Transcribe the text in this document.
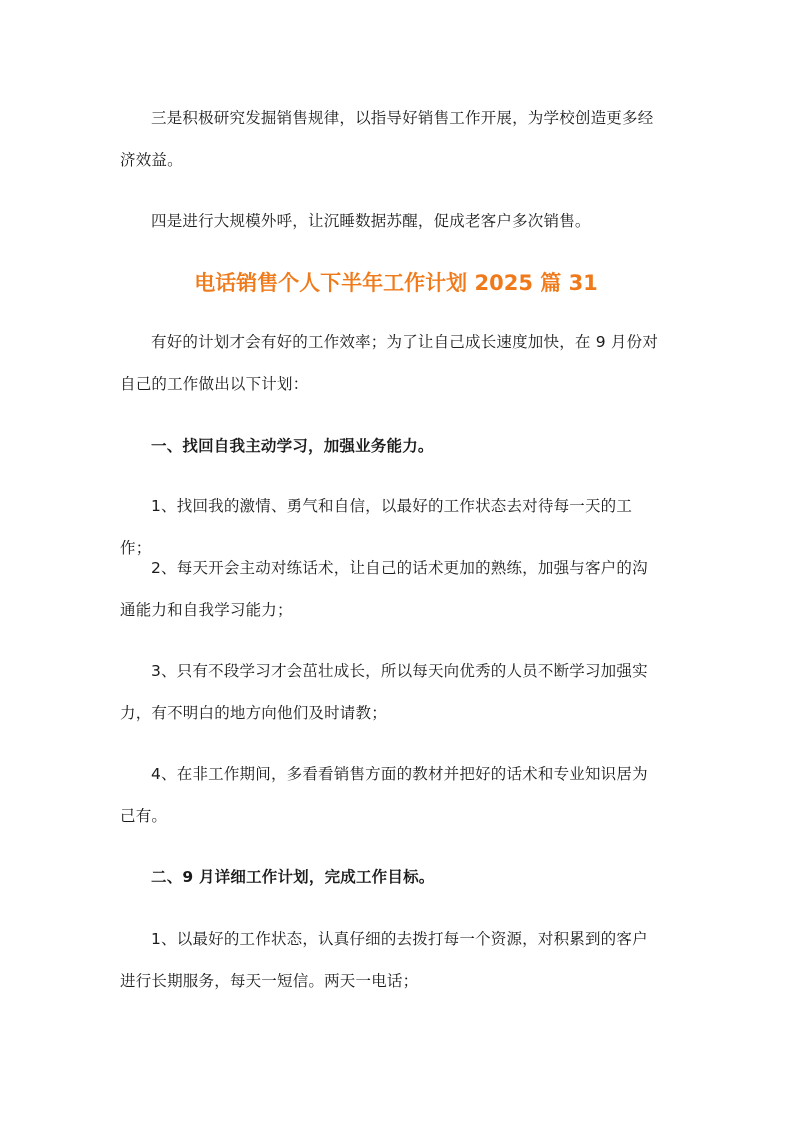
三是积极研究发掘销售规律，以指导好销售工作开展，为学校创造更多经济效益。

四是进行大规模外呼，让沉睡数据苏醒，促成老客户多次销售。

电话销售个人下半年工作计划 2025 篇 31

有好的计划才会有好的工作效率；为了让自己成长速度加快，在 9 月份对自己的工作做出以下计划：

一、找回自我主动学习，加强业务能力。

1、找回我的激情、勇气和自信，以最好的工作状态去对待每一天的工作；

2、每天开会主动对练话术，让自己的话术更加的熟练，加强与客户的沟通能力和自我学习能力；

3、只有不段学习才会茁壮成长，所以每天向优秀的人员不断学习加强实力，有不明白的地方向他们及时请教；

4、在非工作期间，多看看销售方面的教材并把好的话术和专业知识居为己有。

二、9 月详细工作计划，完成工作目标。

1、以最好的工作状态，认真仔细的去拨打每一个资源，对积累到的客户进行长期服务，每天一短信。两天一电话；
